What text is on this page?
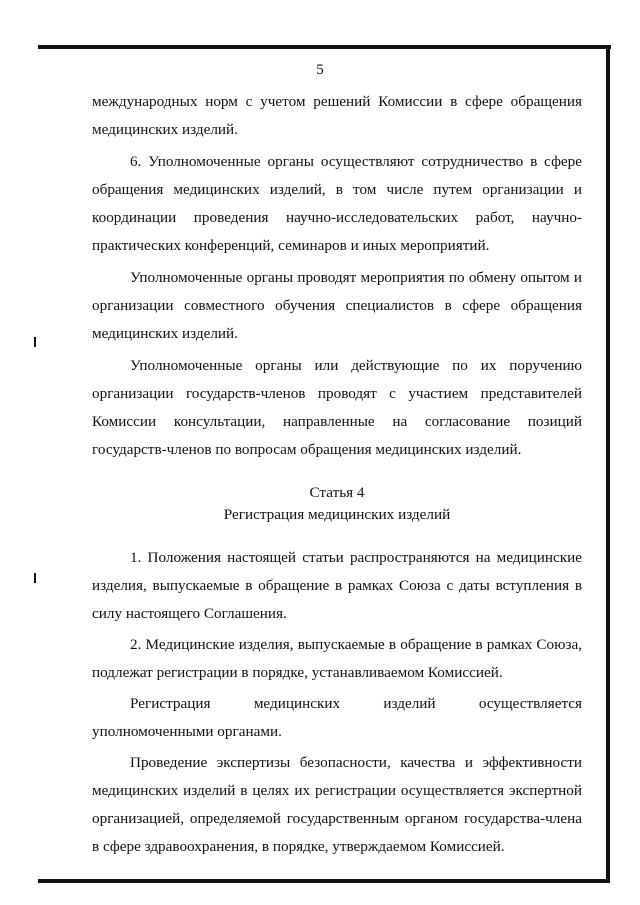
5

международных норм с учетом решений Комиссии в сфере обращения медицинских изделий.

6. Уполномоченные органы осуществляют сотрудничество в сфере обращения медицинских изделий, в том числе путем организации и координации проведения научно-исследовательских работ, научно-практических конференций, семинаров и иных мероприятий.

Уполномоченные органы проводят мероприятия по обмену опытом и организации совместного обучения специалистов в сфере обращения медицинских изделий.

Уполномоченные органы или действующие по их поручению организации государств-членов проводят с участием представителей Комиссии консультации, направленные на согласование позиций государств-членов по вопросам обращения медицинских изделий.

Статья 4
Регистрация медицинских изделий

1. Положения настоящей статьи распространяются на медицинские изделия, выпускаемые в обращение в рамках Союза с даты вступления в силу настоящего Соглашения.

2. Медицинские изделия, выпускаемые в обращение в рамках Союза, подлежат регистрации в порядке, устанавливаемом Комиссией.

Регистрация медицинских изделий осуществляется уполномоченными органами.

Проведение экспертизы безопасности, качества и эффективности медицинских изделий в целях их регистрации осуществляется экспертной организацией, определяемой государственным органом государства-члена в сфере здравоохранения, в порядке, утверждаемом Комиссией.
